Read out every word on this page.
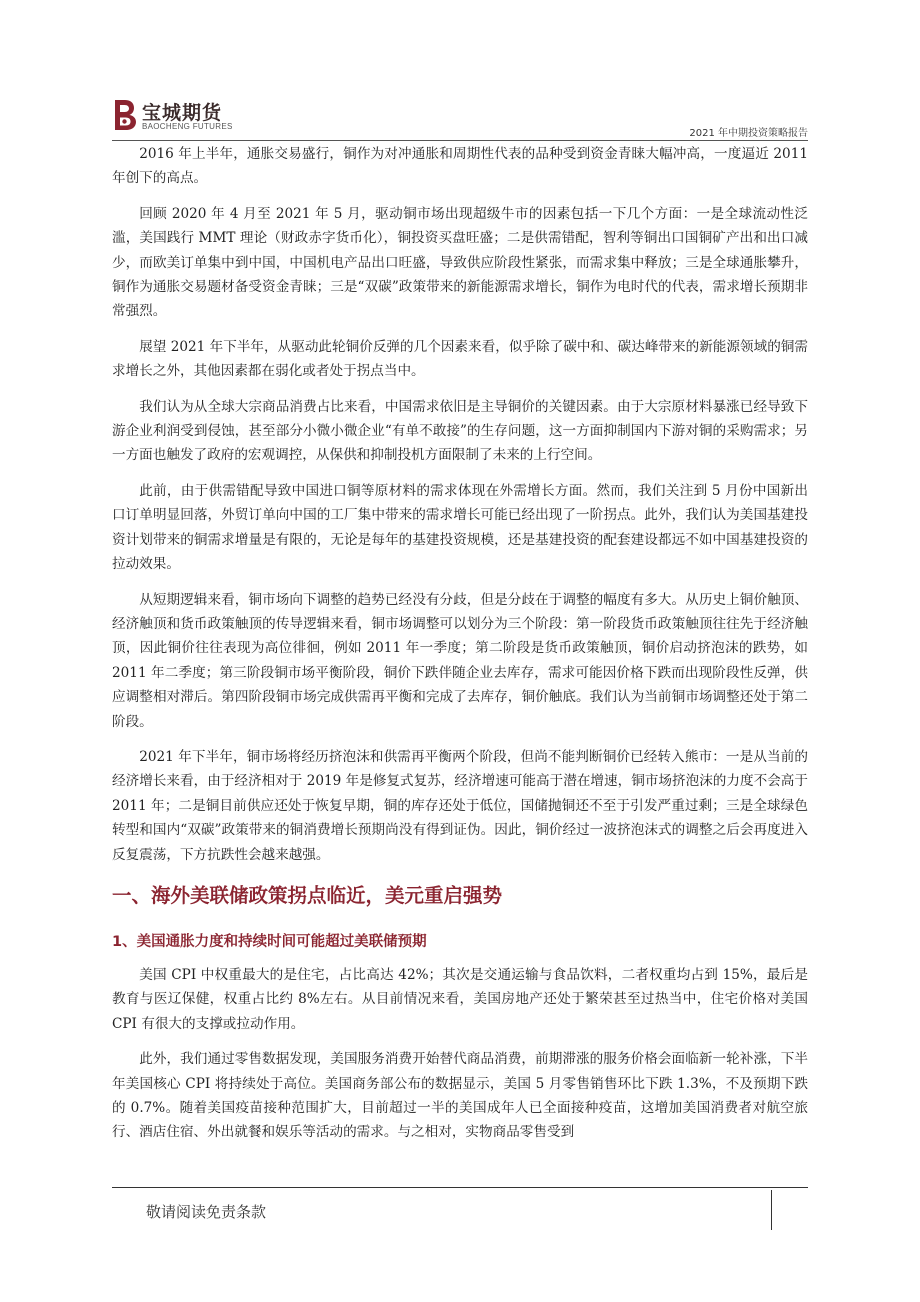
宝城期货
BAOCHENG FUTURES
2021 年中期投资策略报告

2016 年上半年，通胀交易盛行，铜作为对冲通胀和周期性代表的品种受到资金青睐大幅冲高，一度逼近 2011 年创下的高点。

回顾 2020 年 4 月至 2021 年 5 月，驱动铜市场出现超级牛市的因素包括一下几个方面：一是全球流动性泛滥，美国践行 MMT 理论（财政赤字货币化），铜投资买盘旺盛；二是供需错配，智利等铜出口国铜矿产出和出口减少，而欧美订单集中到中国，中国机电产品出口旺盛，导致供应阶段性紧张，而需求集中释放；三是全球通胀攀升，铜作为通胀交易题材备受资金青睐；三是“双碳”政策带来的新能源需求增长，铜作为电时代的代表，需求增长预期非常强烈。

展望 2021 年下半年，从驱动此轮铜价反弹的几个因素来看，似乎除了碳中和、碳达峰带来的新能源领域的铜需求增长之外，其他因素都在弱化或者处于拐点当中。

我们认为从全球大宗商品消费占比来看，中国需求依旧是主导铜价的关键因素。由于大宗原材料暴涨已经导致下游企业利润受到侵蚀，甚至部分小微小微企业“有单不敢接”的生存问题，这一方面抑制国内下游对铜的采购需求；另一方面也触发了政府的宏观调控，从保供和抑制投机方面限制了未来的上行空间。

此前，由于供需错配导致中国进口铜等原材料的需求体现在外需增长方面。然而，我们关注到 5 月份中国新出口订单明显回落，外贸订单向中国的工厂集中带来的需求增长可能已经出现了一阶拐点。此外，我们认为美国基建投资计划带来的铜需求增量是有限的，无论是每年的基建投资规模，还是基建投资的配套建设都远不如中国基建投资的拉动效果。

从短期逻辑来看，铜市场向下调整的趋势已经没有分歧，但是分歧在于调整的幅度有多大。从历史上铜价触顶、经济触顶和货币政策触顶的传导逻辑来看，铜市场调整可以划分为三个阶段：第一阶段货币政策触顶往往先于经济触顶，因此铜价往往表现为高位徘徊，例如 2011 年一季度；第二阶段是货币政策触顶，铜价启动挤泡沫的跌势，如 2011 年二季度；第三阶段铜市场平衡阶段，铜价下跌伴随企业去库存，需求可能因价格下跌而出现阶段性反弹，供应调整相对滞后。第四阶段铜市场完成供需再平衡和完成了去库存，铜价触底。我们认为当前铜市场调整还处于第二阶段。

2021 年下半年，铜市场将经历挤泡沫和供需再平衡两个阶段，但尚不能判断铜价已经转入熊市：一是从当前的经济增长来看，由于经济相对于 2019 年是修复式复苏，经济增速可能高于潜在增速，铜市场挤泡沫的力度不会高于 2011 年；二是铜目前供应还处于恢复早期，铜的库存还处于低位，国储抛铜还不至于引发严重过剩；三是全球绿色转型和国内“双碳”政策带来的铜消费增长预期尚没有得到证伪。因此，铜价经过一波挤泡沫式的调整之后会再度进入反复震荡，下方抗跌性会越来越强。

一、海外美联储政策拐点临近，美元重启强势
1、美国通胀力度和持续时间可能超过美联储预期

美国 CPI 中权重最大的是住宅，占比高达 42%；其次是交通运输与食品饮料，二者权重均占到 15%，最后是教育与医辽保健，权重占比约 8%左右。从目前情况来看，美国房地产还处于繁荣甚至过热当中，住宅价格对美国 CPI 有很大的支撑或拉动作用。

此外，我们通过零售数据发现，美国服务消费开始替代商品消费，前期滞涨的服务价格会面临新一轮补涨，下半年美国核心 CPI 将持续处于高位。美国商务部公布的数据显示，美国 5 月零售销售环比下跌 1.3%，不及预期下跌的 0.7%。随着美国疫苗接种范围扩大，目前超过一半的美国成年人已全面接种疫苗，这增加美国消费者对航空旅行、酒店住宿、外出就餐和娱乐等活动的需求。与之相对，实物商品零售受到

敬请阅读免责条款
